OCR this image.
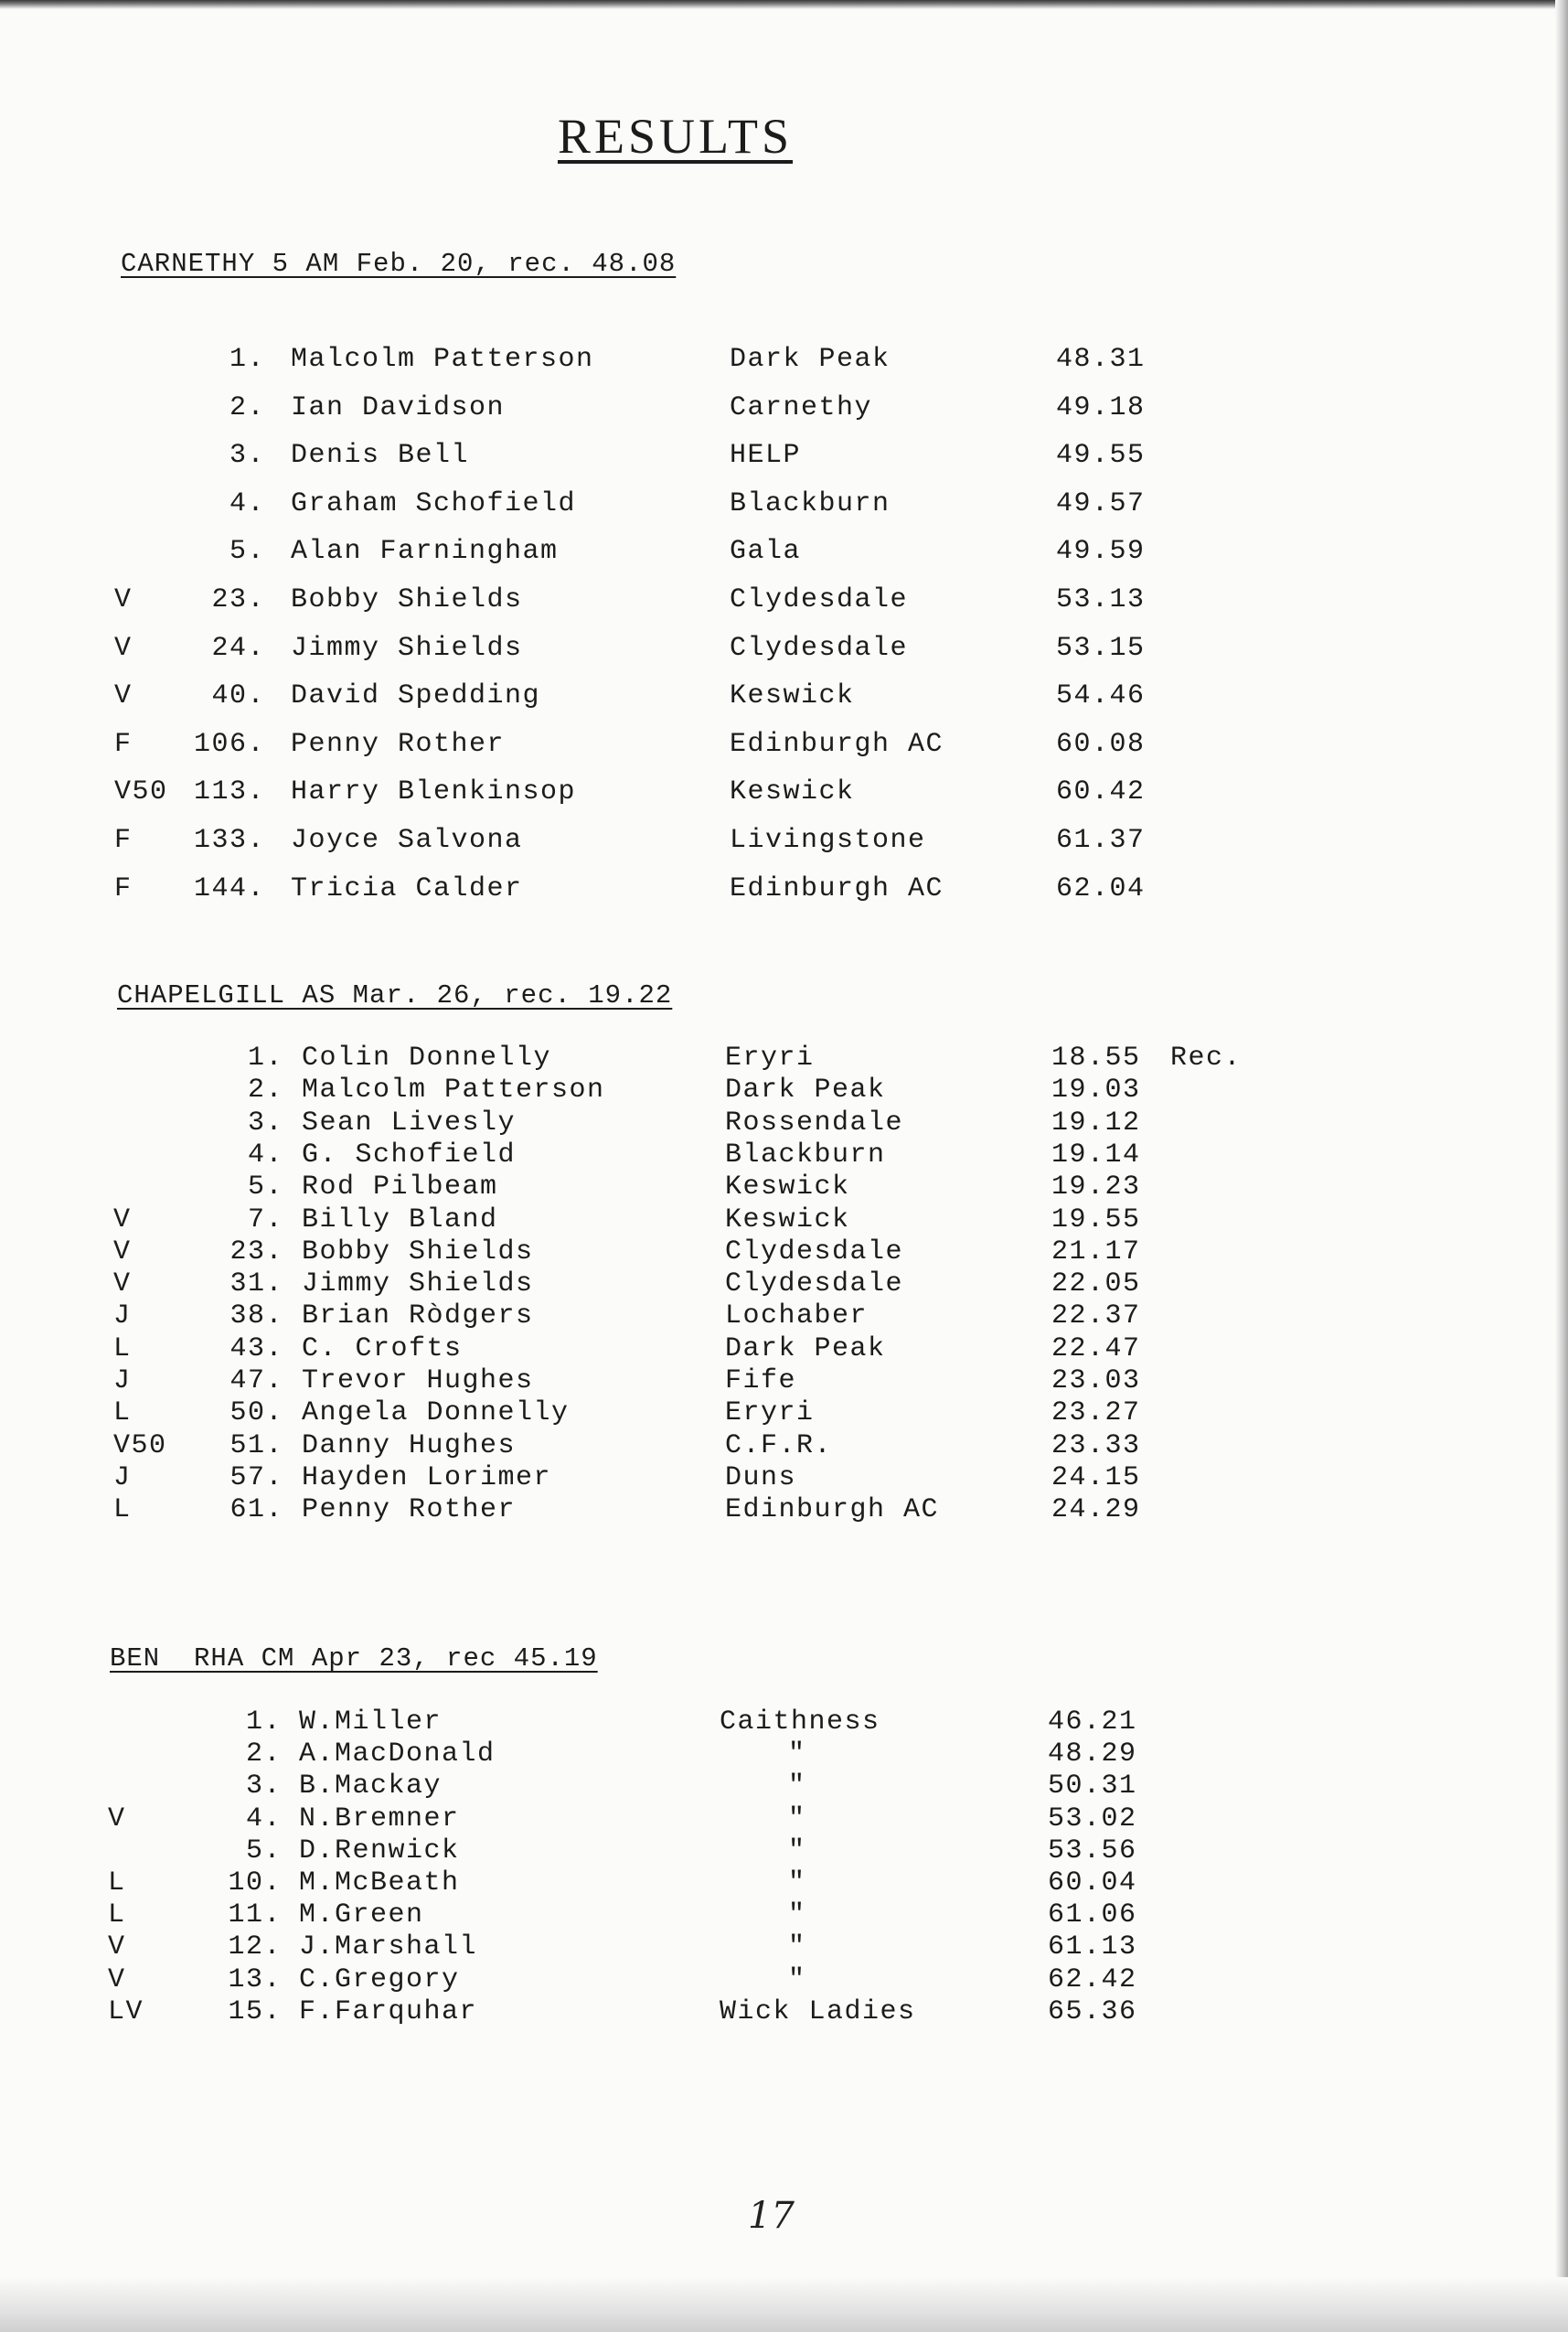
RESULTS
CARNETHY 5 AM Feb. 20, rec. 48.08
1. Malcolm Patterson	Dark Peak	48.31
2. Ian Davidson	Carnethy	49.18
3. Denis Bell	HELP	49.55
4. Graham Schofield	Blackburn	49.57
5. Alan Farningham	Gala	49.59
V	23. Bobby Shields	Clydesdale	53.13
V	24. Jimmy Shields	Clydesdale	53.15
V	40. David Spedding	Keswick	54.46
F	106. Penny Rother	Edinburgh AC	60.08
V50 113. Harry Blenkinsop	Keswick	60.42
F	133. Joyce Salvona	Livingstone	61.37
F	144. Tricia Calder	Edinburgh AC	62.04
CHAPELGILL AS Mar. 26, rec. 19.22
1. Colin Donnelly	Eryri	18.55 Rec.
2. Malcolm Patterson	Dark Peak	19.03
3. Sean Livesly	Rossendale	19.12
4. G. Schofield	Blackburn	19.14
5. Rod Pilbeam	Keswick	19.23
V	7. Billy Bland	Keswick	19.55
V	23. Bobby Shields	Clydesdale	21.17
V	31. Jimmy Shields	Clydesdale	22.05
J	38. Brian Ròdgers	Lochaber	22.37
L	43. C. Crofts	Dark Peak	22.47
J	47. Trevor Hughes	Fife	23.03
L	50. Angela Donnelly	Eryri	23.27
V50	51. Danny Hughes	C.F.R.	23.33
J	57. Hayden Lorimer	Duns	24.15
L	61. Penny Rother	Edinburgh AC	24.29
BEN  RHA CM Apr 23, rec 45.19
1. W.Miller	Caithness	46.21
2. A.MacDonald	"	48.29
3. B.Mackay	"	50.31
V	4. N.Bremner	"	53.02
5. D.Renwick	"	53.56
L	10. M.McBeath	"	60.04
L	11. M.Green	"	61.06
V	12. J.Marshall	"	61.13
V	13. C.Gregory	"	62.42
LV	15. F.Farquhar	Wick Ladies	65.36
17
